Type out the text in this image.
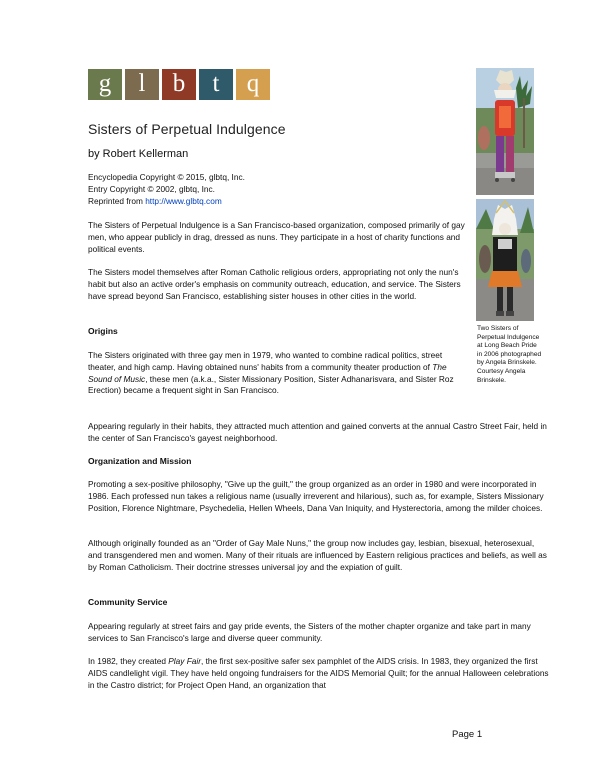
g	l	b	t	q
Sisters of Perpetual Indulgence
by Robert Kellerman
Encyclopedia Copyright © 2015, glbtq, Inc.
Entry Copyright © 2002, glbtq, Inc.
Reprinted from http://www.glbtq.com

The Sisters of Perpetual Indulgence is a San Francisco-based organization, composed primarily of gay men, who appear publicly in drag, dressed as nuns. They participate in a host of charity functions and political events.

The Sisters model themselves after Roman Catholic religious orders, appropriating not only the nun's habit but also an active order's emphasis on community outreach, education, and service. The Sisters have spread beyond San Francisco, establishing sister houses in other cities in the world.

Origins

The Sisters originated with three gay men in 1979, who wanted to combine radical politics, street theater, and high camp. Having obtained nuns' habits from a community theater production of The Sound of Music, these men (a.k.a., Sister Missionary Position, Sister Adhanarisvara, and Sister Roz Erection) became a frequent sight in San Francisco.

Appearing regularly in their habits, they attracted much attention and gained converts at the annual Castro Street Fair, held in the center of San Francisco's gayest neighborhood.

Organization and Mission

Promoting a sex-positive philosophy, "Give up the guilt," the group organized as an order in 1980 and were incorporated in 1986. Each professed nun takes a religious name (usually irreverent and hilarious), such as, for example, Sisters Missionary Position, Florence Nightmare, Psychedelia, Hellen Wheels, Dana Van Iniquity, and Hysterectoria, among the milder choices.

Although originally founded as an "Order of Gay Male Nuns," the group now includes gay, lesbian, bisexual, heterosexual, and transgendered men and women. Many of their rituals are influenced by Eastern religious practices and beliefs, as well as by Roman Catholicism. Their doctrine stresses universal joy and the expiation of guilt.

Community Service

Appearing regularly at street fairs and gay pride events, the Sisters of the mother chapter organize and take part in many services to San Francisco's large and diverse queer community.

In 1982, they created Play Fair, the first sex-positive safer sex pamphlet of the AIDS crisis. In 1983, they organized the first AIDS candlelight vigil. They have held ongoing fundraisers for the AIDS Memorial Quilt; for the annual Halloween celebrations in the Castro district; for Project Open Hand, an organization that

Two Sisters of Perpetual Indulgence at Long Beach Pride in 2006 photographed by Angela Brinskele. Courtesy Angela Brinskele.
Page 1
